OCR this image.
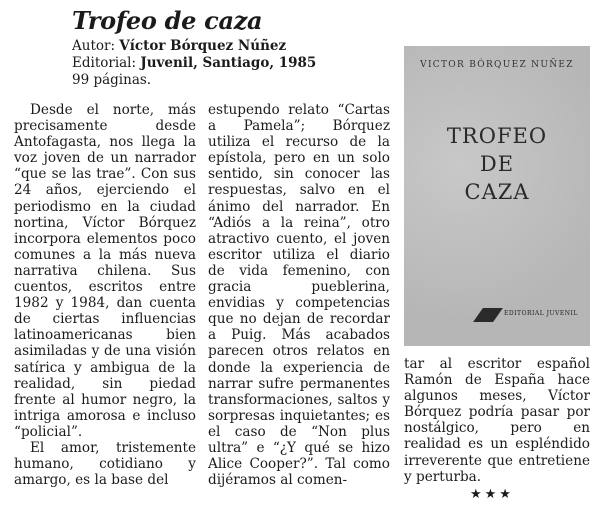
Trofeo de caza
Autor: Víctor Bórquez Núñez
Editorial: Juvenil, Santiago, 1985
99 páginas.

Desde el norte, más precisamente desde Antofagasta, nos llega la voz joven de un narrador “que se las trae”. Con sus 24 años, ejerciendo el periodismo en la ciudad nortina, Víctor Bórquez incorpora elementos poco comunes a la más nueva narrativa chilena. Sus cuentos, escritos entre 1982 y 1984, dan cuenta de ciertas influencias latinoamericanas bien asimiladas y de una visión satírica y ambigua de la realidad, sin piedad frente al humor negro, la intriga amorosa e incluso “policial”.

El amor, tristemente humano, cotidiano y amargo, es la base del

estupendo relato “Cartas a Pamela”; Bórquez utiliza el recurso de la epístola, pero en un solo sentido, sin conocer las respuestas, salvo en el ánimo del narrador. En “Adiós a la reina”, otro atractivo cuento, el joven escritor utiliza el diario de vida femenino, con gracia pueblerina, envidias y competencias que no dejan de recordar a Puig. Más acabados parecen otros relatos en donde la experiencia de narrar sufre permanentes transformaciones, saltos y sorpresas inquietantes; es el caso de “Non plus ultra” e “¿Y qué se hizo Alice Cooper?”. Tal como dijéramos al comen-

VICTOR BÓRQUEZ NUÑEZ
TROFEO
DE
CAZA
EDITORIAL JUVENIL

tar al escritor español Ramón de España hace algunos meses, Víctor Bórquez podría pasar por nostálgico, pero en realidad es un espléndido irreverente que entretiene y perturba.

★★★
